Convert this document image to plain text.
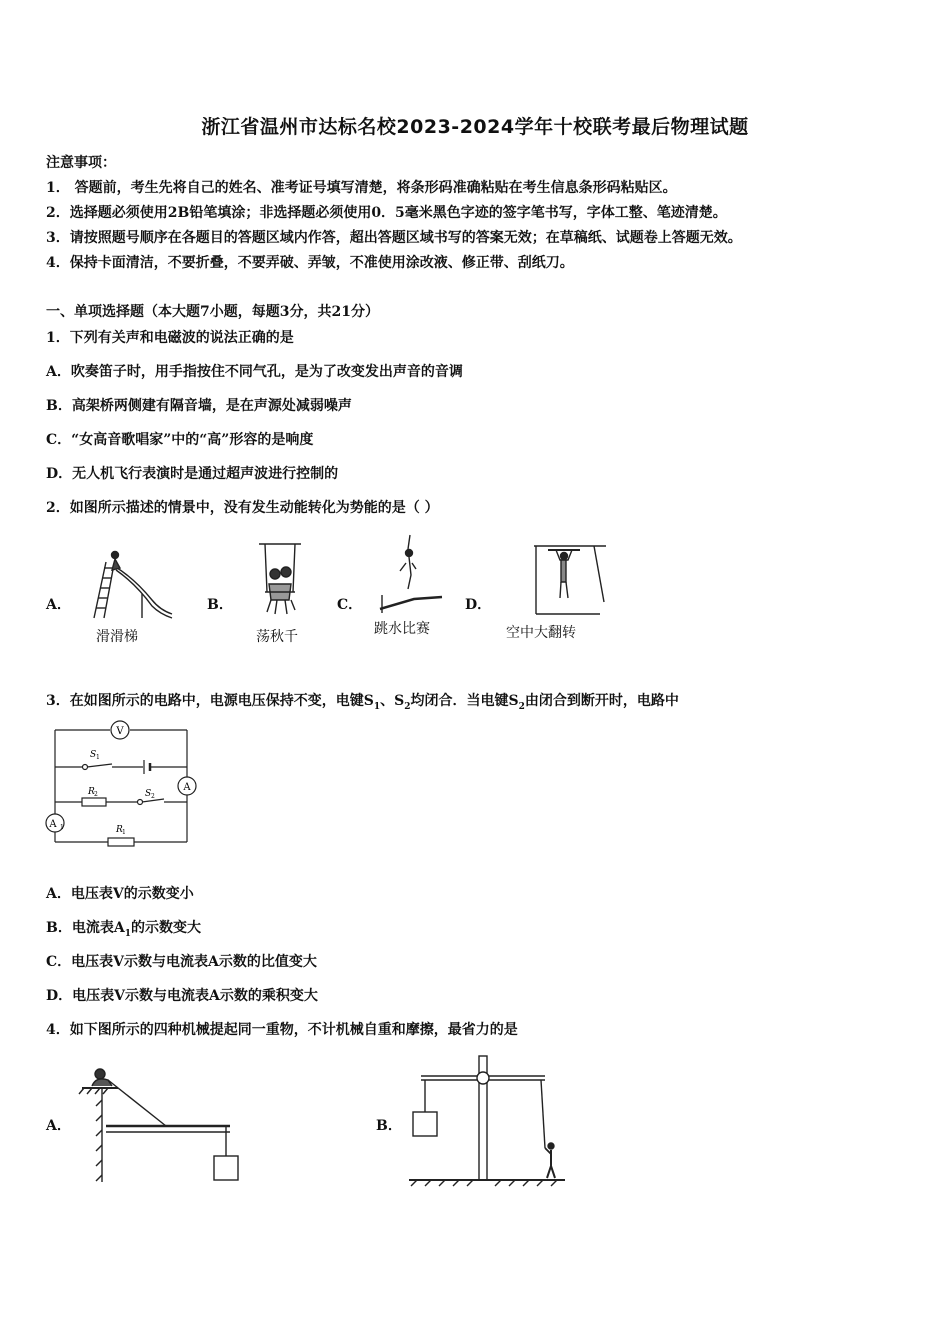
浙江省温州市达标名校2023-2024学年十校联考最后物理试题
注意事项：
1． 答题前，考生先将自己的姓名、准考证号填写清楚，将条形码准确粘贴在考生信息条形码粘贴区。
2．选择题必须使用2B铅笔填涂；非选择题必须使用0．5毫米黑色字迹的签字笔书写，字体工整、笔迹清楚。
3．请按照题号顺序在各题目的答题区域内作答，超出答题区域书写的答案无效；在草稿纸、试题卷上答题无效。
4．保持卡面清洁，不要折叠，不要弄破、弄皱，不准使用涂改液、修正带、刮纸刀。
一、单项选择题（本大题7小题，每题3分，共21分）
1．下列有关声和电磁波的说法正确的是
A．吹奏笛子时，用手指按住不同气孔，是为了改变发出声音的音调
B．高架桥两侧建有隔音墙，是在声源处减弱噪声
C．“女高音歌唱家”中的“高”形容的是响度
D．无人机飞行表演时是通过超声波进行控制的
2．如图所示描述的情景中，没有发生动能转化为势能的是（ ）
A．
滑滑梯
B．
荡秋千
C．
跳水比赛
D．
空中大翻转
3．在如图所示的电路中，电源电压保持不变，电键$S_1$、$S_2$均闭合．当电键$S_2$由闭合到断开时，电路中
V
A
A 1
S 1
S 2
R 2
R 1
A．电压表V的示数变小
B．电流表$A_1$的示数变大
C．电压表V示数与电流表A示数的比值变大
D．电压表V示数与电流表A示数的乘积变大
4．如下图所示的四种机械提起同一重物，不计机械自重和摩擦，最省力的是
A．	B．
